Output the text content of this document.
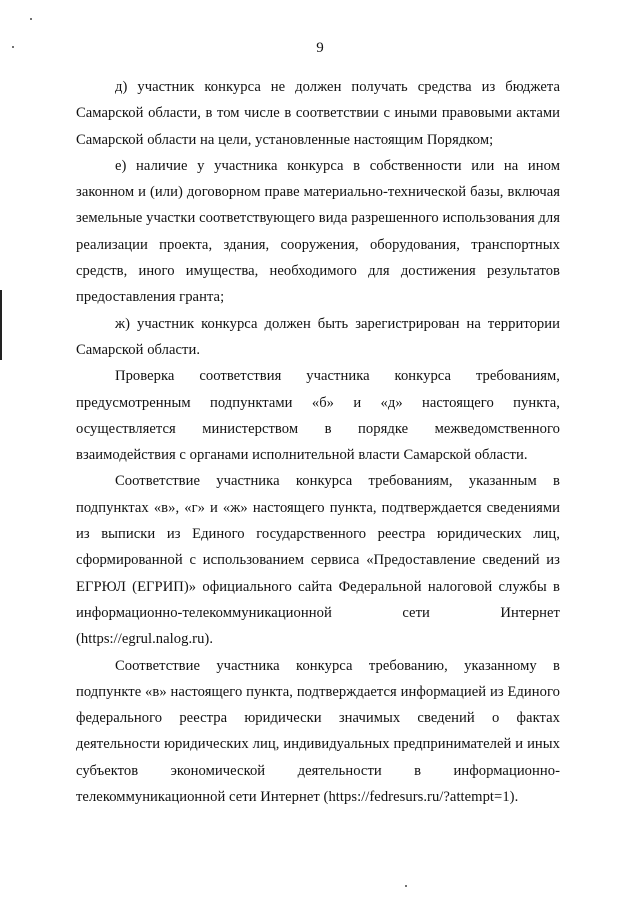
9

д) участник конкурса не должен получать средства из бюджета Самарской области, в том числе в соответствии с иными правовыми актами Самарской области на цели, установленные настоящим Порядком;

е) наличие у участника конкурса в собственности или на ином законном и (или) договорном праве материально-технической базы, включая земельные участки соответствующего вида разрешенного использования для реализации проекта, здания, сооружения, оборудования, транспортных средств, иного имущества, необходимого для достижения результатов предоставления гранта;

ж) участник конкурса должен быть зарегистрирован на территории Самарской области.

Проверка соответствия участника конкурса требованиям, предусмотренным подпунктами «б» и «д» настоящего пункта, осуществляется министерством в порядке межведомственного взаимодействия с органами исполнительной власти Самарской области.

Соответствие участника конкурса требованиям, указанным в подпунктах «в», «г» и «ж» настоящего пункта, подтверждается сведениями из выписки из Единого государственного реестра юридических лиц, сформированной с использованием сервиса «Предоставление сведений из ЕГРЮЛ (ЕГРИП)» официального сайта Федеральной налоговой службы в информационно-телекоммуникационной сети Интернет (https://egrul.nalog.ru).

Соответствие участника конкурса требованию, указанному в подпункте «в» настоящего пункта, подтверждается информацией из Единого федерального реестра юридически значимых сведений о фактах деятельности юридических лиц, индивидуальных предпринимателей и иных субъектов экономической деятельности в информационно-телекоммуникационной сети Интернет (https://fedresurs.ru/?attempt=1).
